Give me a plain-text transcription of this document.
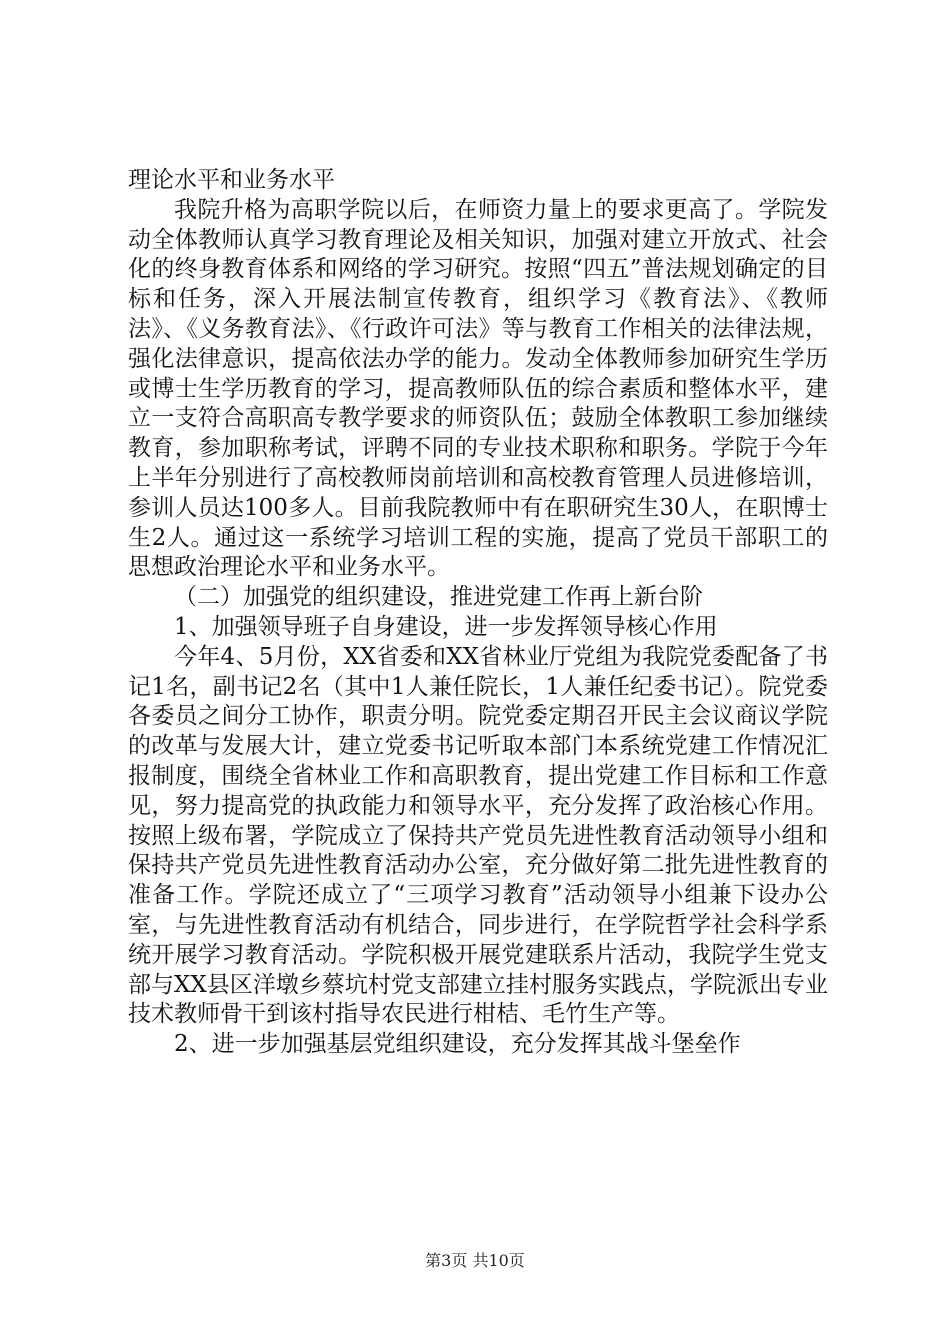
理论水平和业务水平

我院升格为高职学院以后，在师资力量上的要求更高了。学院发动全体教师认真学习教育理论及相关知识，加强对建立开放式、社会化的终身教育体系和网络的学习研究。按照“四五”普法规划确定的目标和任务，深入开展法制宣传教育，组织学习《教育法》、《教师法》、《义务教育法》、《行政许可法》等与教育工作相关的法律法规，强化法律意识，提高依法办学的能力。发动全体教师参加研究生学历或博士生学历教育的学习，提高教师队伍的综合素质和整体水平，建立一支符合高职高专教学要求的师资队伍；鼓励全体教职工参加继续教育，参加职称考试，评聘不同的专业技术职称和职务。学院于今年上半年分别进行了高校教师岗前培训和高校教育管理人员进修培训，参训人员达100多人。目前我院教师中有在职研究生30人，在职博士生2人。通过这一系统学习培训工程的实施，提高了党员干部职工的思想政治理论水平和业务水平。

（二）加强党的组织建设，推进党建工作再上新台阶

1、加强领导班子自身建设，进一步发挥领导核心作用

今年4、5月份，XX省委和XX省林业厅党组为我院党委配备了书记1名，副书记2名（其中1人兼任院长，1人兼任纪委书记）。院党委各委员之间分工协作，职责分明。院党委定期召开民主会议商议学院的改革与发展大计，建立党委书记听取本部门本系统党建工作情况汇报制度，围绕全省林业工作和高职教育，提出党建工作目标和工作意见，努力提高党的执政能力和领导水平，充分发挥了政治核心作用。按照上级布署，学院成立了保持共产党员先进性教育活动领导小组和保持共产党员先进性教育活动办公室，充分做好第二批先进性教育的准备工作。学院还成立了“三项学习教育”活动领导小组兼下设办公室，与先进性教育活动有机结合，同步进行，在学院哲学社会科学系统开展学习教育活动。学院积极开展党建联系片活动，我院学生党支部与XX县区洋墩乡蔡坑村党支部建立挂村服务实践点，学院派出专业技术教师骨干到该村指导农民进行柑桔、毛竹生产等。

2、进一步加强基层党组织建设，充分发挥其战斗堡垒作

第3页 共10页
